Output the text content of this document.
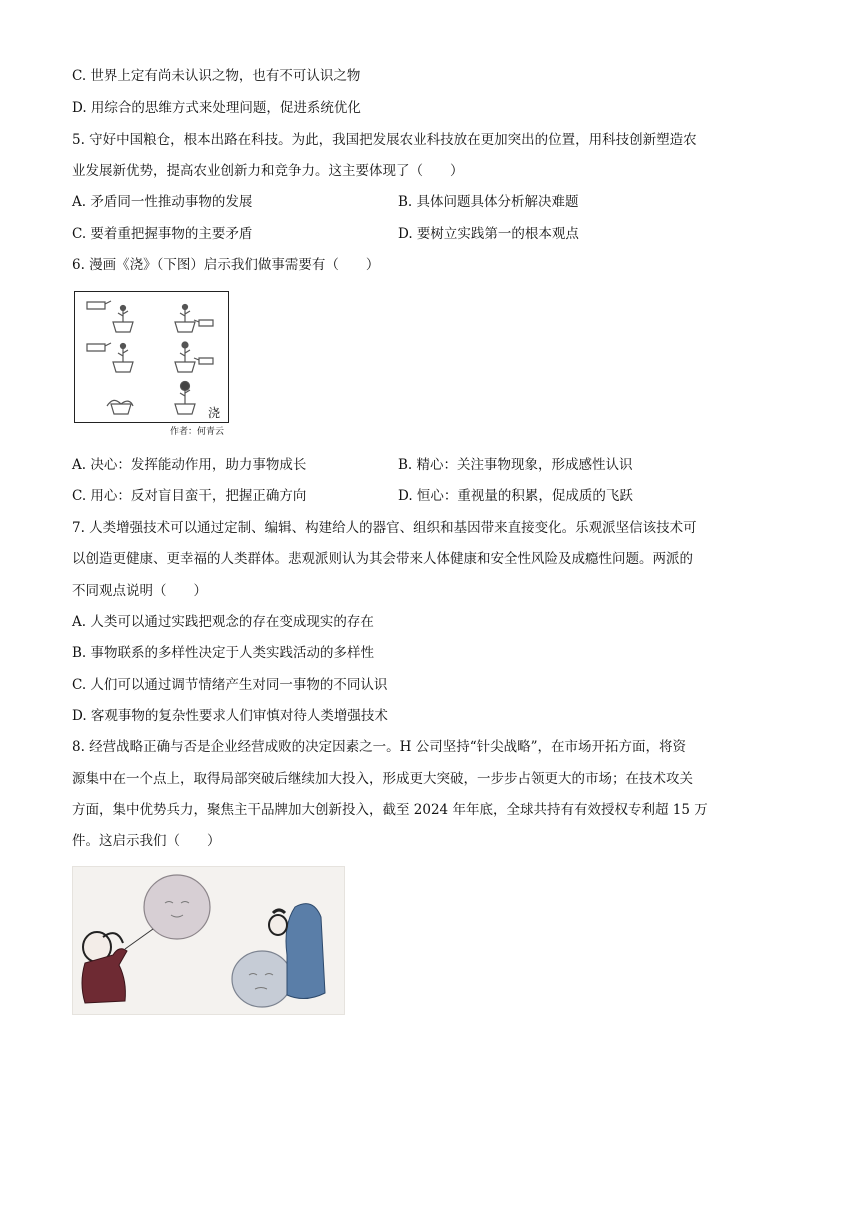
C. 世界上定有尚未认识之物，也有不可认识之物
D. 用综合的思维方式来处理问题，促进系统优化
5. 守好中国粮仓，根本出路在科技。为此，我国把发展农业科技放在更加突出的位置，用科技创新塑造农
业发展新优势，提高农业创新力和竞争力。这主要体现了（　　）
A. 矛盾同一性推动事物的发展	B. 具体问题具体分析解决难题
C. 要着重把握事物的主要矛盾	D. 要树立实践第一的根本观点
6. 漫画《浇》（下图）启示我们做事需要有（　　）
浇
作者：何青云
A. 决心：发挥能动作用，助力事物成长	B. 精心：关注事物现象，形成感性认识
C. 用心：反对盲目蛮干，把握正确方向	D. 恒心：重视量的积累，促成质的飞跃
7. 人类增强技术可以通过定制、编辑、构建给人的器官、组织和基因带来直接变化。乐观派坚信该技术可
以创造更健康、更幸福的人类群体。悲观派则认为其会带来人体健康和安全性风险及成瘾性问题。两派的
不同观点说明（　　）
A. 人类可以通过实践把观念的存在变成现实的存在
B. 事物联系的多样性决定于人类实践活动的多样性
C. 人们可以通过调节情绪产生对同一事物的不同认识
D. 客观事物的复杂性要求人们审慎对待人类增强技术
8. 经营战略正确与否是企业经营成败的决定因素之一。H 公司坚持“针尖战略”，在市场开拓方面，将资
源集中在一个点上，取得局部突破后继续加大投入，形成更大突破，一步步占领更大的市场；在技术攻关
方面，集中优势兵力，聚焦主干品牌加大创新投入，截至 2024 年年底，全球共持有有效授权专利超 15 万
件。这启示我们（　　）
